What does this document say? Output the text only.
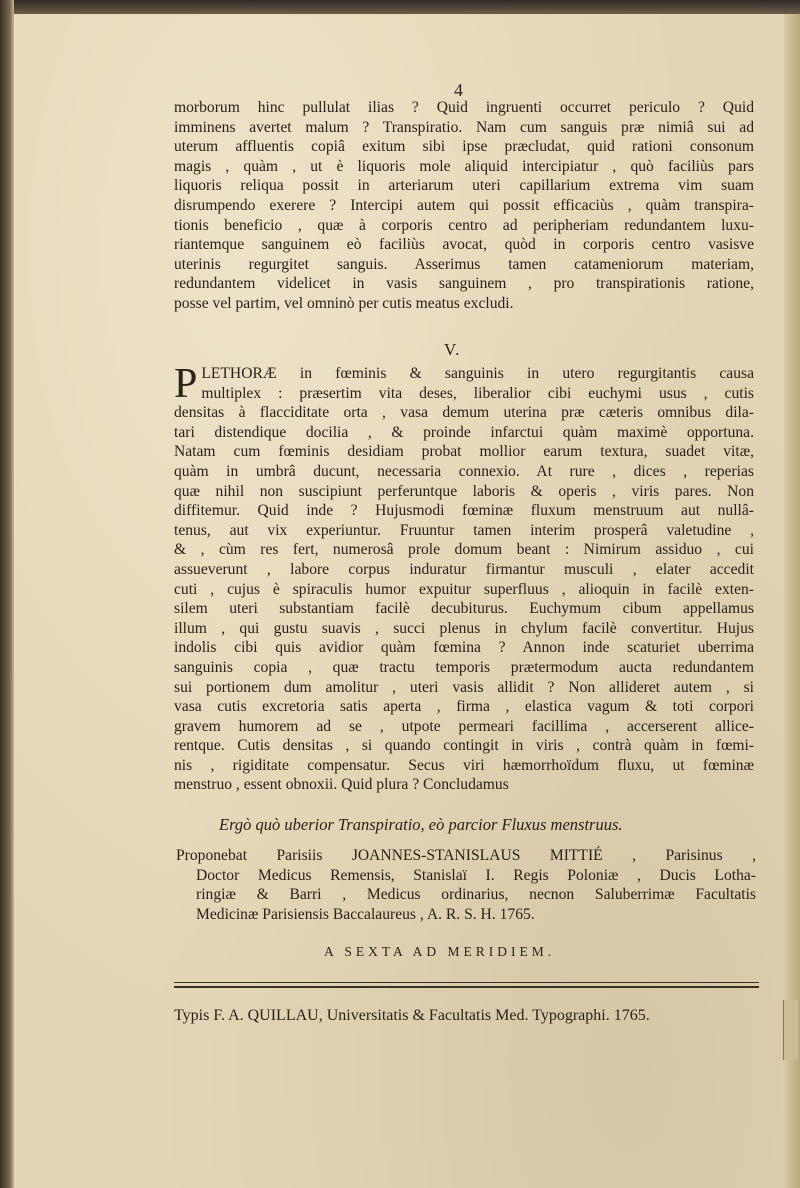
4
morborum hinc pullulat ilias ? Quid ingruenti occurret periculo ? Quid
imminens avertet malum ? Transpiratio. Nam cum sanguis præ nimiâ sui ad
uterum affluentis copiâ exitum sibi ipse præcludat, quid rationi consonum
magis , quàm , ut è liquoris mole aliquid intercipiatur , quò faciliùs pars
liquoris reliqua possit in arteriarum uteri capillarium extrema vim suam
disrumpendo exerere ? Intercipi autem qui possit efficaciùs , quàm transpira-
tionis beneficio , quæ à corporis centro ad peripheriam redundantem luxu-
riantemque sanguinem eò faciliùs avocat, quòd in corporis centro vasisve
uterinis regurgitet sanguis. Asserimus tamen catameniorum materiam,
redundantem videlicet in vasis sanguinem , pro transpirationis ratione,
posse vel partim, vel omninò per cutis meatus excludi.
V.
P LETHORÆ in fœminis & sanguinis in utero regurgitantis causa
multiplex : præsertim vita deses, liberalior cibi euchymi usus , cutis
densitas à flacciditate orta , vasa demum uterina præ cæteris omnibus dila-
tari distendique docilia , & proinde infarctui quàm maximè opportuna.
Natam cum fœminis desidiam probat mollior earum textura, suadet vitæ,
quàm in umbrâ ducunt, necessaria connexio. At rure , dices , reperias
quæ nihil non suscipiunt perferuntque laboris & operis , viris pares. Non
diffitemur. Quid inde ? Hujusmodi fœminæ fluxum menstruum aut nullâ-
tenus, aut vix experiuntur. Fruuntur tamen interim prosperâ valetudine ,
& , cùm res fert, numerosâ prole domum beant : Nimirum assiduo , cui
assueverunt , labore corpus induratur firmantur musculi , elater accedit
cuti , cujus è spiraculis humor expuitur superfluus , alioquin in facilè exten-
silem uteri substantiam facilè decubiturus. Euchymum cibum appellamus
illum , qui gustu suavis , succi plenus in chylum facilè convertitur. Hujus
indolis cibi quis avidior quàm fœmina ? Annon inde scaturiet uberrima
sanguinis copia , quæ tractu temporis prætermodum aucta redundantem
sui portionem dum amolitur , uteri vasis allidit ? Non allideret autem , si
vasa cutis excretoria satis aperta , firma , elastica vagum & toti corpori
gravem humorem ad se , utpote permeari facillima , accerserent allice-
rentque. Cutis densitas , si quando contingit in viris , contrà quàm in fœmi-
nis , rigiditate compensatur. Secus viri hæmorrhoïdum fluxu, ut fœminæ
menstruo , essent obnoxii. Quid plura ? Concludamus
Ergò quò uberior Transpiratio, eò parcior Fluxus menstruus.
Proponebat Parisiis JOANNES-STANISLAUS MITTIÉ , Parisinus ,
Doctor Medicus Remensis, Stanislaï I. Regis Poloniæ , Ducis Lotha-
ringiæ & Barri , Medicus ordinarius, necnon Saluberrimæ Facultatis
Medicinæ Parisiensis Baccalaureus , A. R. S. H. 1765.
A SEXTA AD MERIDIEM.
Typis F. A. QUILLAU, Universitatis & Facultatis Med. Typographi. 1765.
